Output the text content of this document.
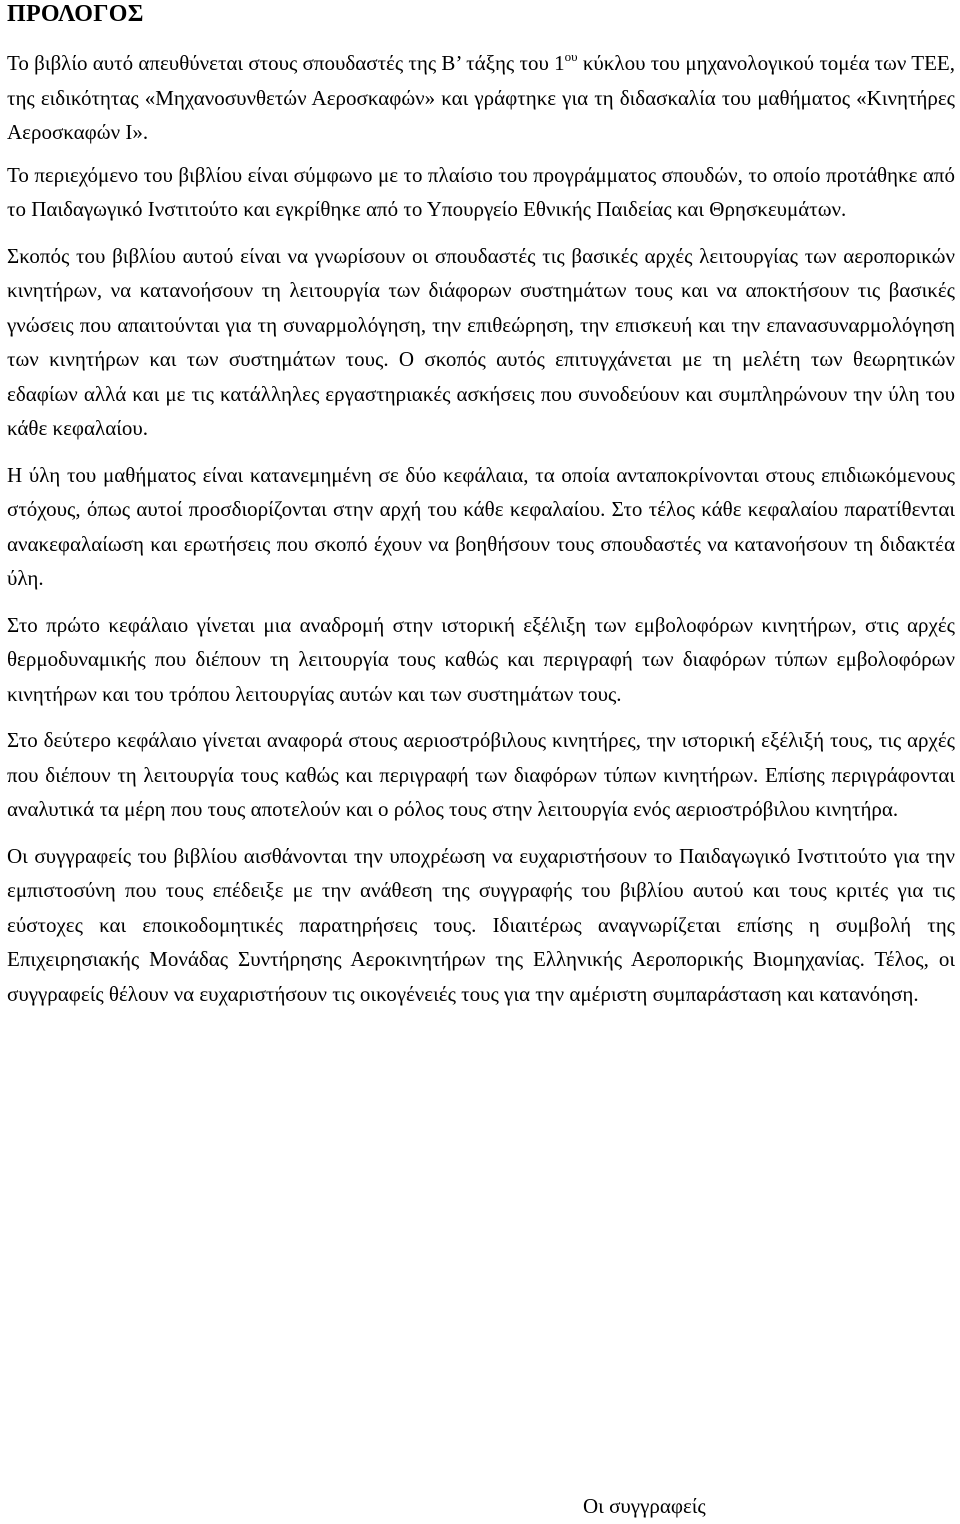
ΠΡΟΛΟΓΟΣ

Το βιβλίο αυτό απευθύνεται στους σπουδαστές της Β’ τάξης του $1^{o\upsilon}$ κύκλου του μηχανολογικού τομέα των ΤΕΕ, της ειδικότητας «Μηχανοσυνθετών Αεροσκαφών» και γράφτηκε για τη διδασκαλία του μαθήματος «Κινητήρες Αεροσκαφών Ι».

Το περιεχόμενο του βιβλίου είναι σύμφωνο με το πλαίσιο του προγράμματος σπουδών, το οποίο προτάθηκε από το Παιδαγωγικό Ινστιτούτο και εγκρίθηκε από το Υπουργείο Εθνικής Παιδείας και Θρησκευμάτων.

Σκοπός του βιβλίου αυτού είναι να γνωρίσουν οι σπουδαστές τις βασικές αρχές λειτουργίας των αεροπορικών κινητήρων, να κατανοήσουν τη λειτουργία των διάφορων συστημάτων τους και να αποκτήσουν τις βασικές γνώσεις που απαιτούνται για τη συναρμολόγηση, την επιθεώρηση, την επισκευή και την επανασυναρμολόγηση των κινητήρων και των συστημάτων τους. Ο σκοπός αυτός επιτυγχάνεται με τη μελέτη των θεωρητικών εδαφίων αλλά και με τις κατάλληλες εργαστηριακές ασκήσεις που συνοδεύουν και συμπληρώνουν την ύλη του κάθε κεφαλαίου.

Η ύλη του μαθήματος είναι κατανεμημένη σε δύο κεφάλαια, τα οποία ανταποκρίνονται στους επιδιωκόμενους στόχους, όπως αυτοί προσδιορίζονται στην αρχή του κάθε κεφαλαίου. Στο τέλος κάθε κεφαλαίου παρατίθενται ανακεφαλαίωση και ερωτήσεις που σκοπό έχουν να βοηθήσουν τους σπουδαστές να κατανοήσουν τη διδακτέα ύλη.

Στο πρώτο κεφάλαιο γίνεται μια αναδρομή στην ιστορική εξέλιξη των εμβολοφόρων κινητήρων, στις αρχές θερμοδυναμικής που διέπουν τη λειτουργία τους καθώς και περιγραφή των διαφόρων τύπων εμβολοφόρων κινητήρων και του τρόπου λειτουργίας αυτών και των συστημάτων τους.

Στο δεύτερο κεφάλαιο γίνεται αναφορά στους αεριοστρόβιλους κινητήρες, την ιστορική εξέλιξή τους, τις αρχές που διέπουν τη λειτουργία τους καθώς και περιγραφή των διαφόρων τύπων κινητήρων. Επίσης περιγράφονται αναλυτικά τα μέρη που τους αποτελούν και ο ρόλος τους στην λειτουργία ενός αεριοστρόβιλου κινητήρα.

Οι συγγραφείς του βιβλίου αισθάνονται την υποχρέωση να ευχαριστήσουν το Παιδαγωγικό Ινστιτούτο για την εμπιστοσύνη που τους επέδειξε με την ανάθεση της συγγραφής του βιβλίου αυτού και τους κριτές για τις εύστοχες και εποικοδομητικές παρατηρήσεις τους. Ιδιαιτέρως αναγνωρίζεται επίσης η συμβολή της Επιχειρησιακής Μονάδας Συντήρησης Αεροκινητήρων της Ελληνικής Αεροπορικής Βιομηχανίας. Τέλος, οι συγγραφείς θέλουν να ευχαριστήσουν τις οικογένειές τους για την αμέριστη συμπαράσταση και κατανόηση.

Οι συγγραφείς
